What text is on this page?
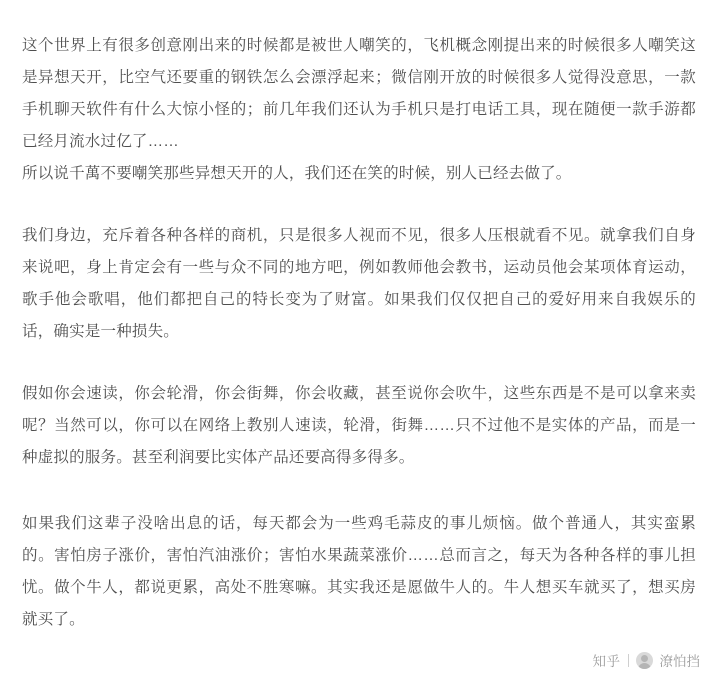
这个世界上有很多创意刚出来的时候都是被世人嘲笑的，飞机概念刚提出来的时候很多人嘲笑这是异想天开，比空气还要重的钢铁怎么会漂浮起来；微信刚开放的时候很多人觉得没意思，一款手机聊天软件有什么大惊小怪的；前几年我们还认为手机只是打电话工具，现在随便一款手游都已经月流水过亿了……

所以说千萬不要嘲笑那些异想天开的人，我们还在笑的时候，别人已经去做了。

我们身边，充斥着各种各样的商机，只是很多人视而不见，很多人压根就看不见。就拿我们自身来说吧，身上肯定会有一些与众不同的地方吧，例如教师他会教书，运动员他会某项体育运动，歌手他会歌唱，他们都把自己的特长变为了财富。如果我们仅仅把自己的爱好用来自我娱乐的话，确实是一种损失。

假如你会速读，你会轮滑，你会街舞，你会收藏，甚至说你会吹牛，这些东西是不是可以拿来卖呢？当然可以，你可以在网络上教别人速读，轮滑，街舞……只不过他不是实体的产品，而是一种虚拟的服务。甚至利润要比实体产品还要高得多得多。

如果我们这辈子没啥出息的话，每天都会为一些鸡毛蒜皮的事儿烦恼。做个普通人，其实蛮累的。害怕房子涨价，害怕汽油涨价；害怕水果蔬菜涨价……总而言之，每天为各种各样的事儿担忧。做个牛人，都说更累，高处不胜寒嘛。其实我还是愿做牛人的。牛人想买车就买了，想买房就买了。

知乎	潦怕挡
